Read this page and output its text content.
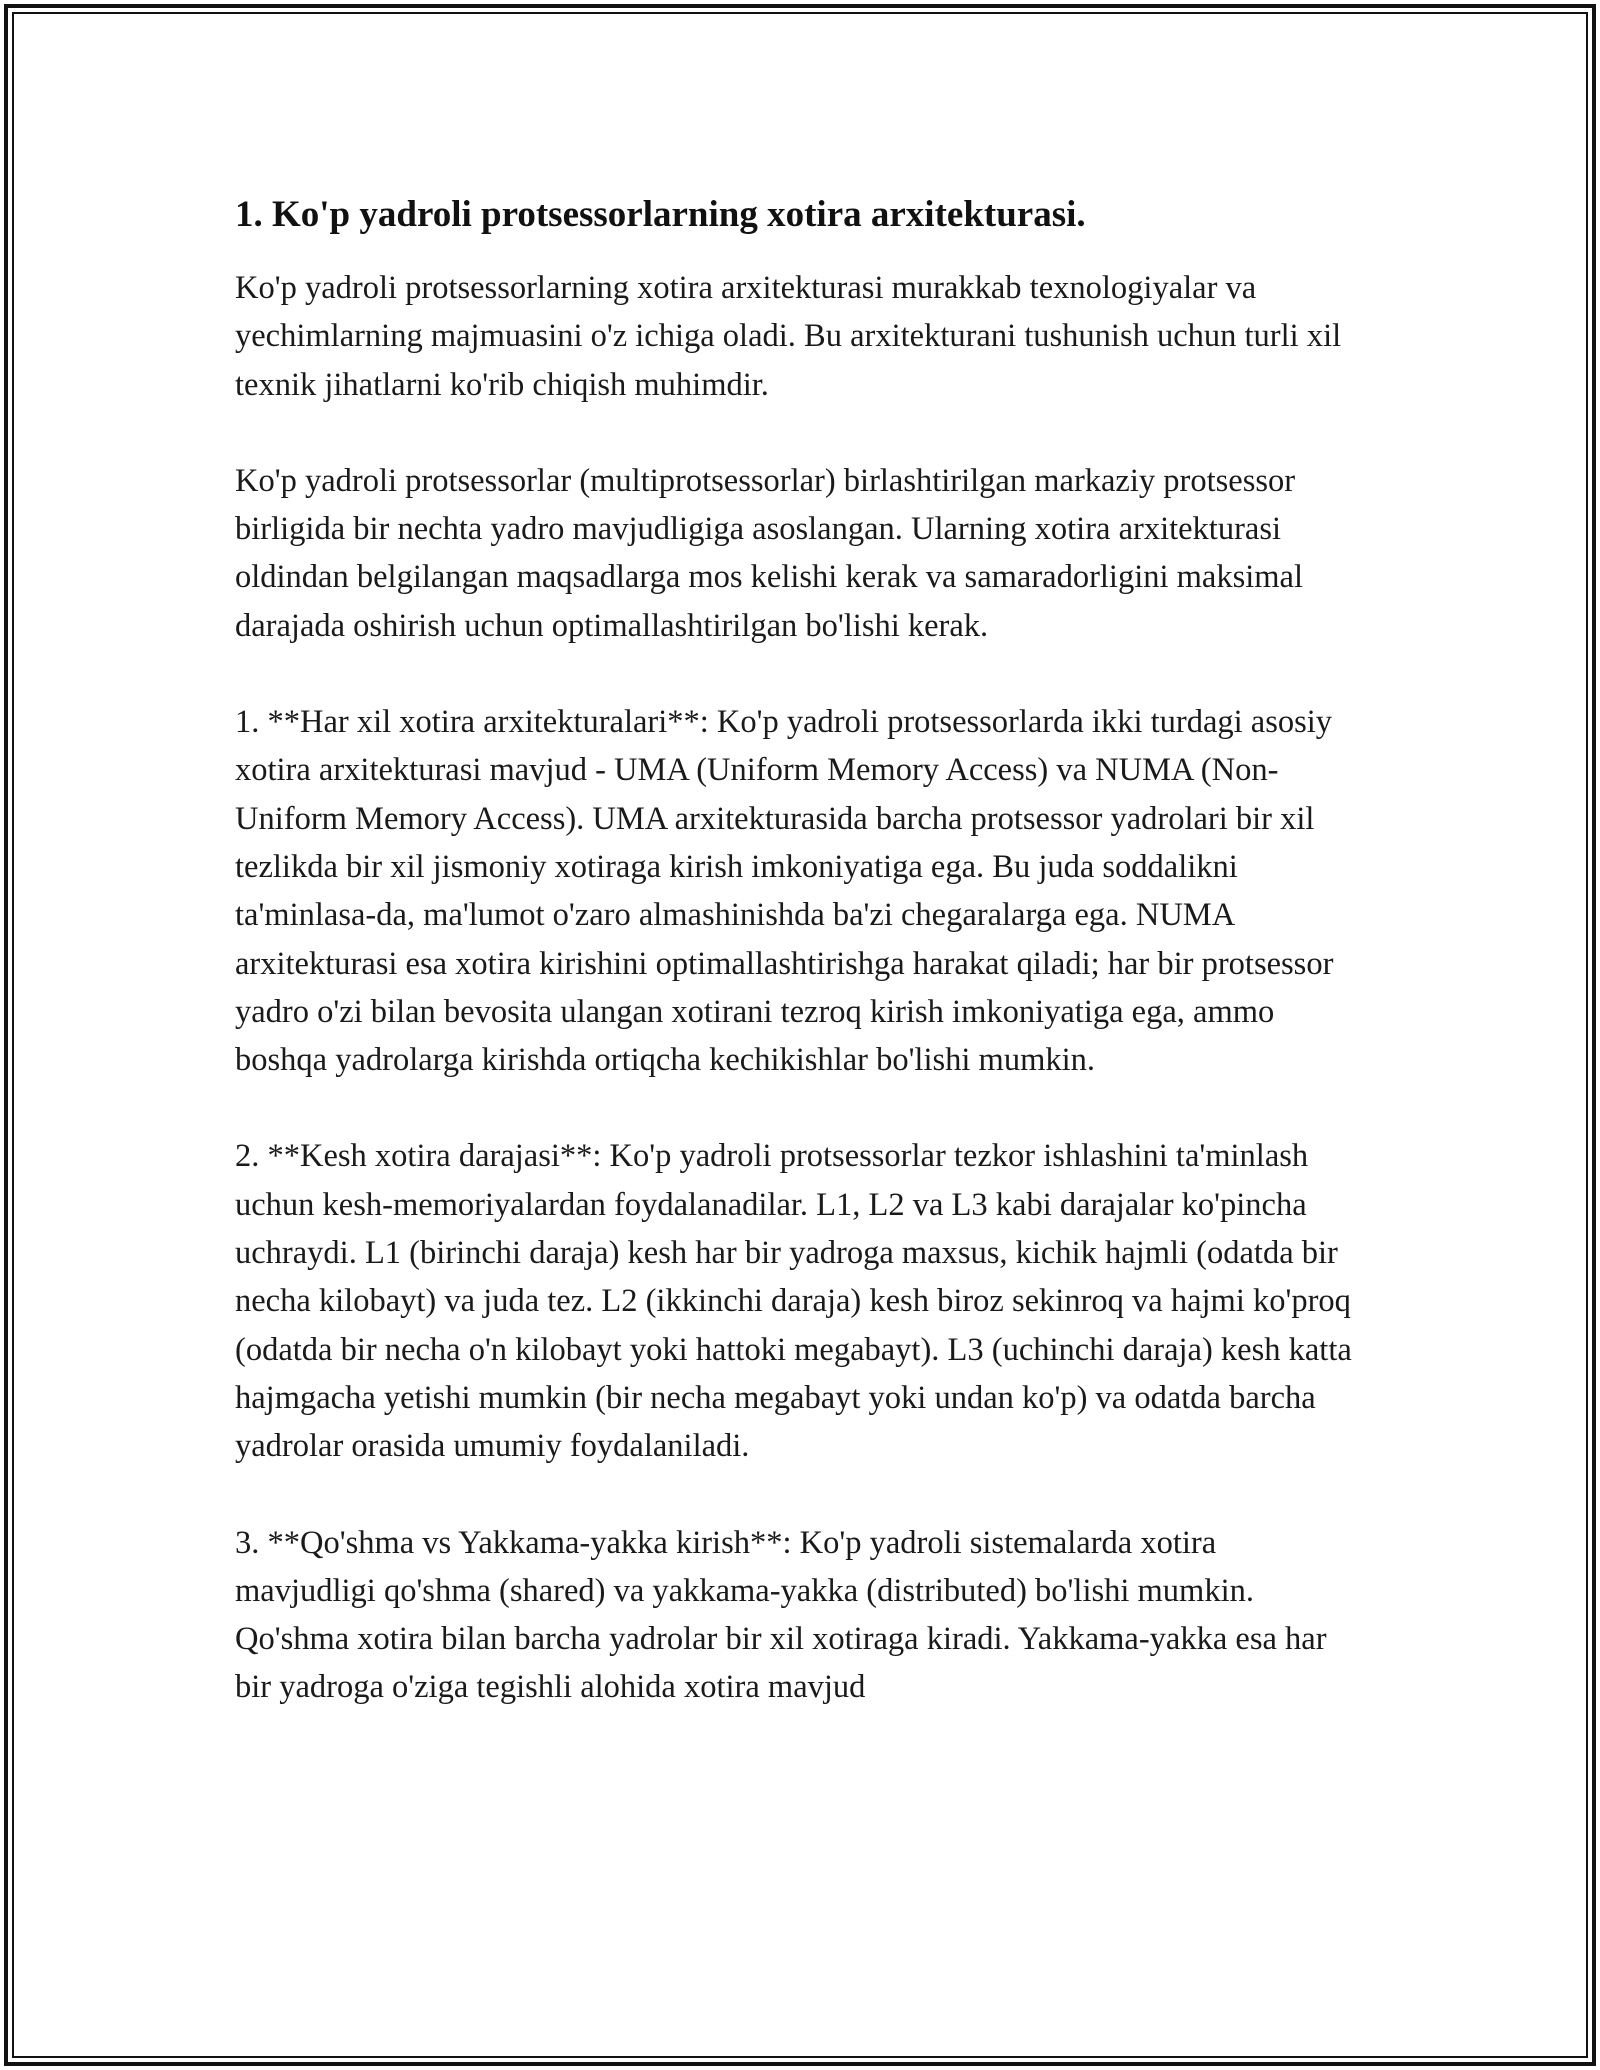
1. Ko'p yadroli protsessorlarning xotira arxitekturasi.

Ko'p yadroli protsessorlarning xotira arxitekturasi murakkab texnologiyalar va yechimlarning majmuasini o'z ichiga oladi. Bu arxitekturani tushunish uchun turli xil texnik jihatlarni ko'rib chiqish muhimdir.

Ko'p yadroli protsessorlar (multiprotsessorlar) birlashtirilgan markaziy protsessor birligida bir nechta yadro mavjudligiga asoslangan. Ularning xotira arxitekturasi oldindan belgilangan maqsadlarga mos kelishi kerak va samaradorligini maksimal darajada oshirish uchun optimallashtirilgan bo'lishi kerak.

1. **Har xil xotira arxitekturalari**: Ko'p yadroli protsessorlarda ikki turdagi asosiy xotira arxitekturasi mavjud - UMA (Uniform Memory Access) va NUMA (Non-Uniform Memory Access). UMA arxitekturasida barcha protsessor yadrolari bir xil tezlikda bir xil jismoniy xotiraga kirish imkoniyatiga ega. Bu juda soddalikni ta'minlasa-da, ma'lumot o'zaro almashinishda ba'zi chegaralarga ega. NUMA arxitekturasi esa xotira kirishini optimallashtirishga harakat qiladi; har bir protsessor yadro o'zi bilan bevosita ulangan xotirani tezroq kirish imkoniyatiga ega, ammo boshqa yadrolarga kirishda ortiqcha kechikishlar bo'lishi mumkin.

2. **Kesh xotira darajasi**: Ko'p yadroli protsessorlar tezkor ishlashini ta'minlash uchun kesh-memoriyalardan foydalanadilar. L1, L2 va L3 kabi darajalar ko'pincha uchraydi. L1 (birinchi daraja) kesh har bir yadroga maxsus, kichik hajmli (odatda bir necha kilobayt) va juda tez. L2 (ikkinchi daraja) kesh biroz sekinroq va hajmi ko'proq (odatda bir necha o'n kilobayt yoki hattoki megabayt). L3 (uchinchi daraja) kesh katta hajmgacha yetishi mumkin (bir necha megabayt yoki undan ko'p) va odatda barcha yadrolar orasida umumiy foydalaniladi.

3. **Qo'shma vs Yakkama-yakka kirish**: Ko'p yadroli sistemalarda xotira mavjudligi qo'shma (shared) va yakkama-yakka (distributed) bo'lishi mumkin. Qo'shma xotira bilan barcha yadrolar bir xil xotiraga kiradi. Yakkama-yakka esa har bir yadroga o'ziga tegishli alohida xotira mavjud
